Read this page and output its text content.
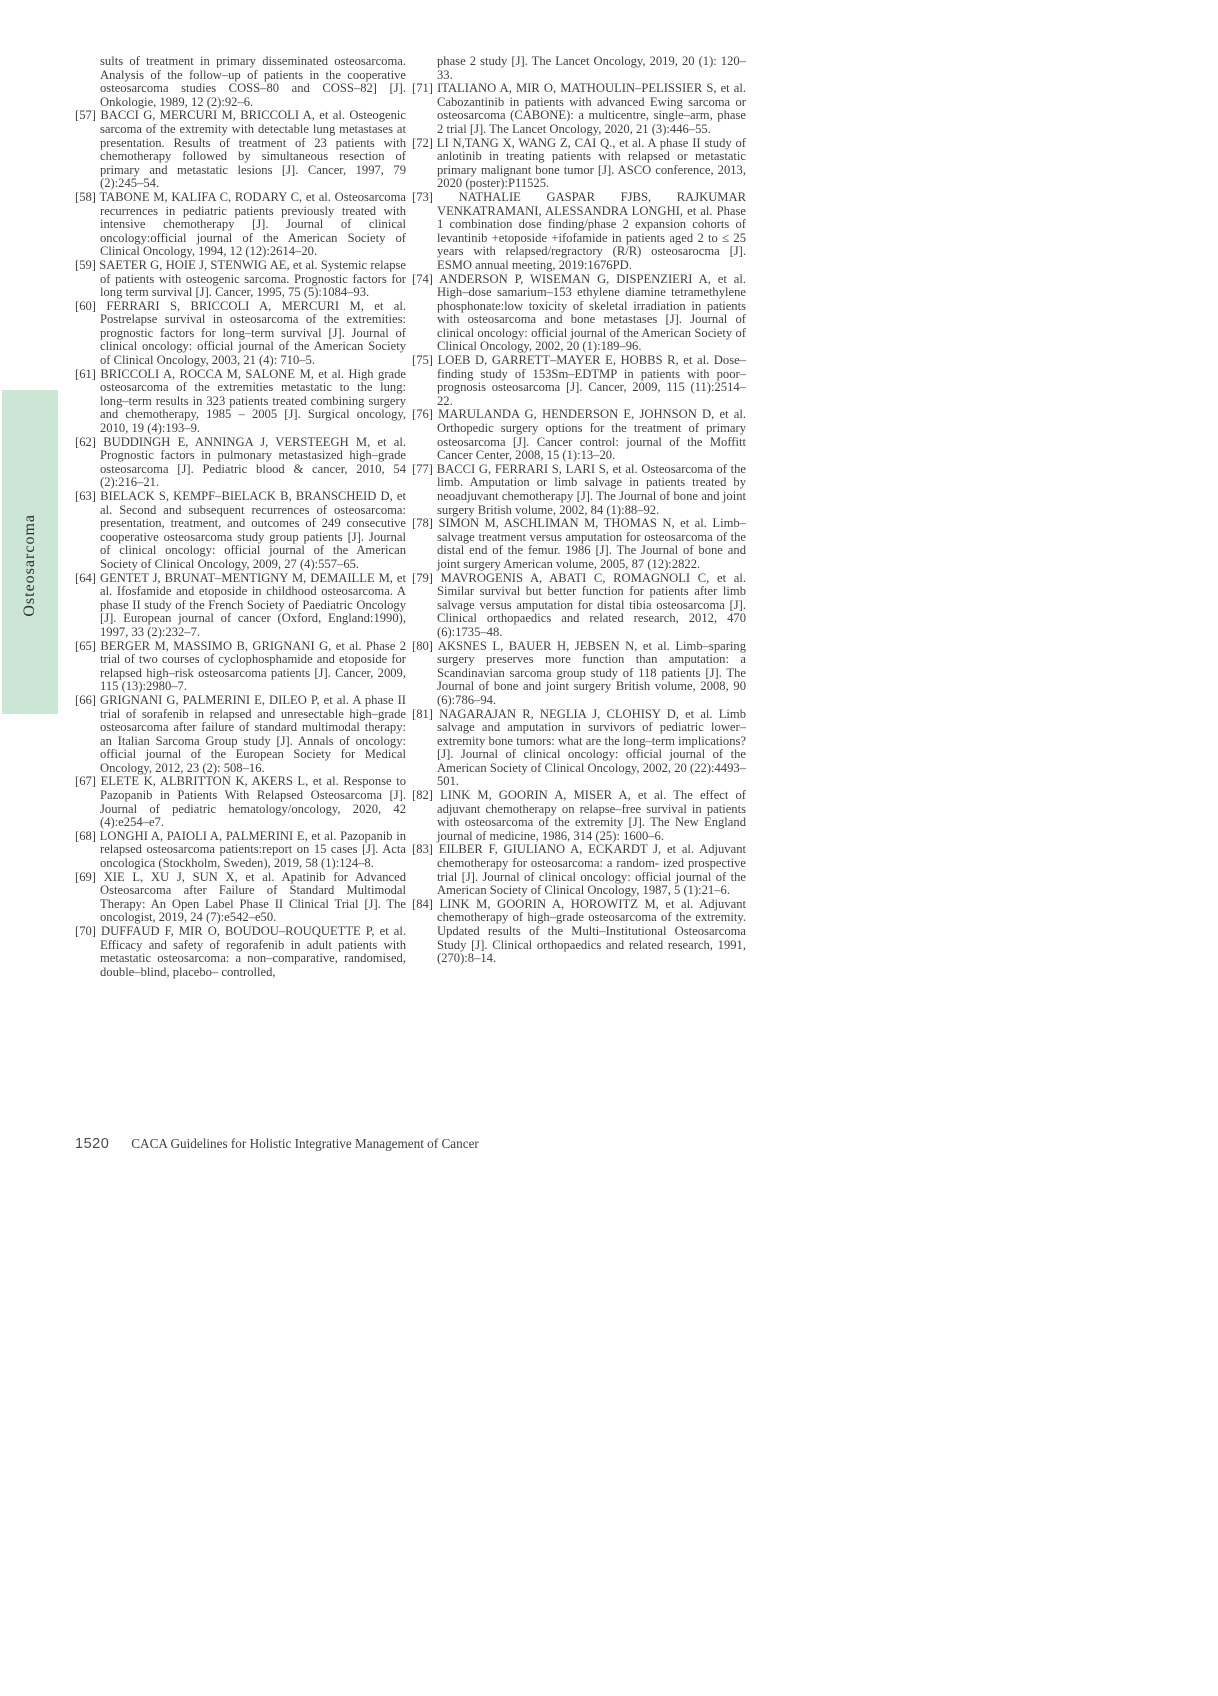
Osteosarcoma
sults of treatment in primary disseminated osteosarcoma. Analysis of the follow–up of patients in the cooperative osteosarcoma studies COSS–80 and COSS–82] [J]. Onkologie, 1989, 12 (2):92–6.
[57] BACCI G, MERCURI M, BRICCOLI A, et al. Osteogenic sarcoma of the extremity with detectable lung metastases at presentation. Results of treatment of 23 patients with chemotherapy followed by simultaneous resection of primary and metastatic lesions [J]. Cancer, 1997, 79 (2):245–54.
[58] TABONE M, KALIFA C, RODARY C, et al. Osteosarcoma recurrences in pediatric patients previously treated with intensive chemotherapy [J]. Journal of clinical oncology:official journal of the American Society of Clinical Oncology, 1994, 12 (12):2614–20.
[59] SAETER G, HOIE J, STENWIG AE, et al. Systemic relapse of patients with osteogenic sarcoma. Prognostic factors for long term survival [J]. Cancer, 1995, 75 (5):1084–93.
[60] FERRARI S, BRICCOLI A, MERCURI M, et al. Postrelapse survival in osteosarcoma of the extremities: prognostic factors for long–term survival [J]. Journal of clinical oncology: official journal of the American Society of Clinical Oncology, 2003, 21 (4): 710–5.
[61] BRICCOLI A, ROCCA M, SALONE M, et al. High grade osteosarcoma of the extremities metastatic to the lung: long–term results in 323 patients treated combining surgery and chemotherapy, 1985 – 2005 [J]. Surgical oncology, 2010, 19 (4):193–9.
[62] BUDDINGH E, ANNINGA J, VERSTEEGH M, et al. Prognostic factors in pulmonary metastasized high–grade osteosarcoma [J]. Pediatric blood & cancer, 2010, 54 (2):216–21.
[63] BIELACK S, KEMPF–BIELACK B, BRANSCHEID D, et al. Second and subsequent recurrences of osteosarcoma: presentation, treatment, and outcomes of 249 consecutive cooperative osteosarcoma study group patients [J]. Journal of clinical oncology: official journal of the American Society of Clinical Oncology, 2009, 27 (4):557–65.
[64] GENTET J, BRUNAT–MENTIGNY M, DEMAILLE M, et al. Ifosfamide and etoposide in childhood osteosarcoma. A phase II study of the French Society of Paediatric Oncology [J]. European journal of cancer (Oxford, England:1990), 1997, 33 (2):232–7.
[65] BERGER M, MASSIMO B, GRIGNANI G, et al. Phase 2 trial of two courses of cyclophosphamide and etoposide for relapsed high–risk osteosarcoma patients [J]. Cancer, 2009, 115 (13):2980–7.
[66] GRIGNANI G, PALMERINI E, DILEO P, et al. A phase II trial of sorafenib in relapsed and unresectable high–grade osteosarcoma after failure of standard multimodal therapy: an Italian Sarcoma Group study [J]. Annals of oncology: official journal of the European Society for Medical Oncology, 2012, 23 (2): 508–16.
[67] ELETE K, ALBRITTON K, AKERS L, et al. Response to Pazopanib in Patients With Relapsed Osteosarcoma [J]. Journal of pediatric hematology/oncology, 2020, 42 (4):e254–e7.
[68] LONGHI A, PAIOLI A, PALMERINI E, et al. Pazopanib in relapsed osteosarcoma patients:report on 15 cases [J]. Acta oncologica (Stockholm, Sweden), 2019, 58 (1):124–8.
[69] XIE L, XU J, SUN X, et al. Apatinib for Advanced Osteosarcoma after Failure of Standard Multimodal Therapy: An Open Label Phase II Clinical Trial [J]. The oncologist, 2019, 24 (7):e542–e50.
[70] DUFFAUD F, MIR O, BOUDOU–ROUQUETTE P, et al. Efficacy and safety of regorafenib in adult patients with metastatic osteosarcoma: a non–comparative, randomised, double–blind, placebo– controlled,
phase 2 study [J]. The Lancet Oncology, 2019, 20 (1): 120–33.
[71] ITALIANO A, MIR O, MATHOULIN–PELISSIER S, et al. Cabozantinib in patients with advanced Ewing sarcoma or osteosarcoma (CABONE): a multicentre, single–arm, phase 2 trial [J]. The Lancet Oncology, 2020, 21 (3):446–55.
[72] LI N,TANG X, WANG Z, CAI Q., et al. A phase II study of anlotinib in treating patients with relapsed or metastatic primary malignant bone tumor [J]. ASCO conference, 2013, 2020 (poster):P11525.
[73] NATHALIE GASPAR FJBS, RAJKUMAR VENKATRAMANI, ALESSANDRA LONGHI, et al. Phase 1 combination dose finding/phase 2 expansion cohorts of levantinib +etoposide +ifofamide in patients aged 2 to ≤ 25 years with relapsed/regractory (R/R) osteosarocma [J]. ESMO annual meeting, 2019:1676PD.
[74] ANDERSON P, WISEMAN G, DISPENZIERI A, et al. High–dose samarium–153 ethylene diamine tetramethylene phosphonate:low toxicity of skeletal irradiation in patients with osteosarcoma and bone metastases [J]. Journal of clinical oncology: official journal of the American Society of Clinical Oncology, 2002, 20 (1):189–96.
[75] LOEB D, GARRETT–MAYER E, HOBBS R, et al. Dose–finding study of 153Sm–EDTMP in patients with poor–prognosis osteosarcoma [J]. Cancer, 2009, 115 (11):2514–22.
[76] MARULANDA G, HENDERSON E, JOHNSON D, et al. Orthopedic surgery options for the treatment of primary osteosarcoma [J]. Cancer control: journal of the Moffitt Cancer Center, 2008, 15 (1):13–20.
[77] BACCI G, FERRARI S, LARI S, et al. Osteosarcoma of the limb. Amputation or limb salvage in patients treated by neoadjuvant chemotherapy [J]. The Journal of bone and joint surgery British volume, 2002, 84 (1):88–92.
[78] SIMON M, ASCHLIMAN M, THOMAS N, et al. Limb–salvage treatment versus amputation for osteosarcoma of the distal end of the femur. 1986 [J]. The Journal of bone and joint surgery American volume, 2005, 87 (12):2822.
[79] MAVROGENIS A, ABATI C, ROMAGNOLI C, et al. Similar survival but better function for patients after limb salvage versus amputation for distal tibia osteosarcoma [J]. Clinical orthopaedics and related research, 2012, 470 (6):1735–48.
[80] AKSNES L, BAUER H, JEBSEN N, et al. Limb–sparing surgery preserves more function than amputation: a Scandinavian sarcoma group study of 118 patients [J]. The Journal of bone and joint surgery British volume, 2008, 90 (6):786–94.
[81] NAGARAJAN R, NEGLIA J, CLOHISY D, et al. Limb salvage and amputation in survivors of pediatric lower–extremity bone tumors: what are the long–term implications? [J]. Journal of clinical oncology: official journal of the American Society of Clinical Oncology, 2002, 20 (22):4493–501.
[82] LINK M, GOORIN A, MISER A, et al. The effect of adjuvant chemotherapy on relapse–free survival in patients with osteosarcoma of the extremity [J]. The New England journal of medicine, 1986, 314 (25): 1600–6.
[83] EILBER F, GIULIANO A, ECKARDT J, et al. Adjuvant chemotherapy for osteosarcoma: a random- ized prospective trial [J]. Journal of clinical oncology: official journal of the American Society of Clinical Oncology, 1987, 5 (1):21–6.
[84] LINK M, GOORIN A, HOROWITZ M, et al. Adjuvant chemotherapy of high–grade osteosarcoma of the extremity. Updated results of the Multi–Institutional Osteosarcoma Study [J]. Clinical orthopaedics and related research, 1991, (270):8–14.
1520 CACA Guidelines for Holistic Integrative Management of Cancer
